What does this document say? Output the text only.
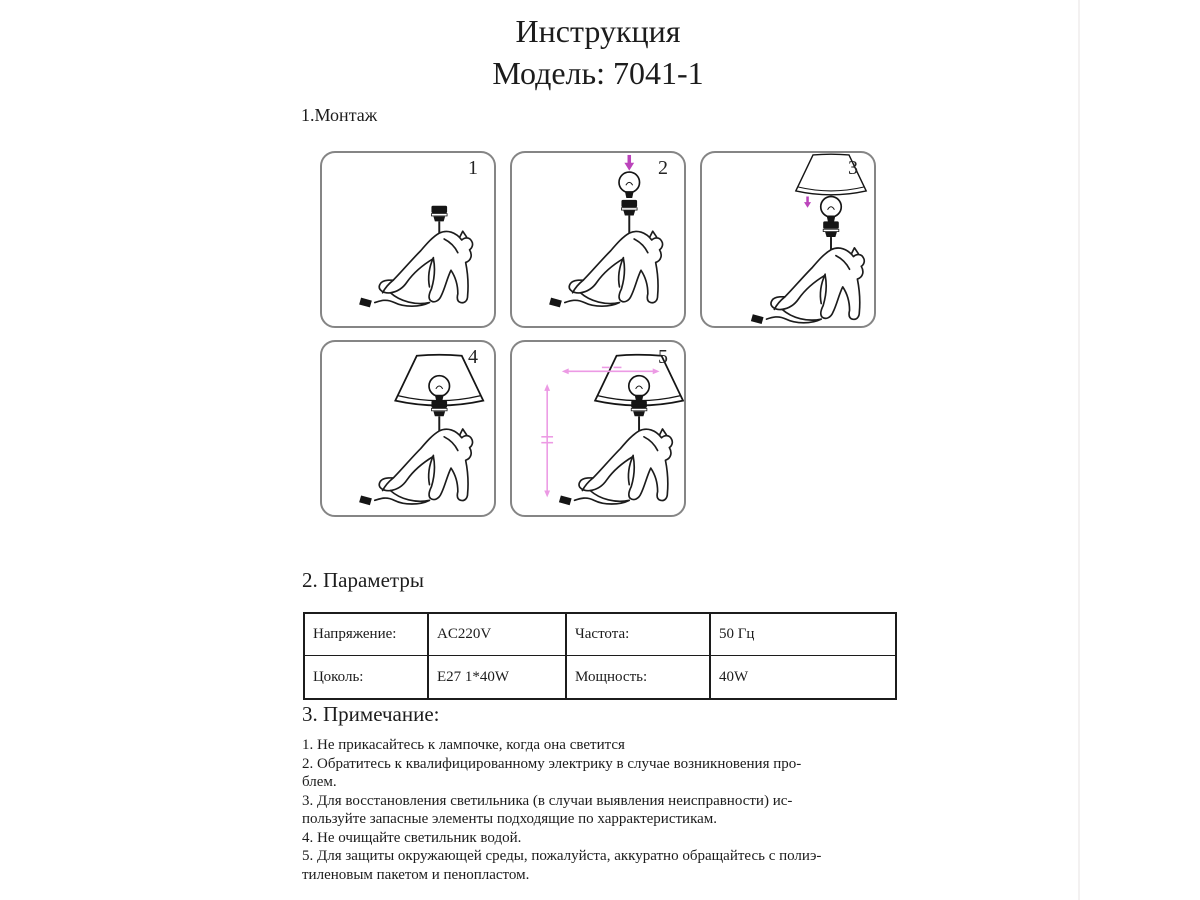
Инструкция
Модель: 7041-1
1.Монтаж
1	2	3
4	5
2. Параметры
Напряжение:	AC220V	Частота:	50 Гц
Цоколь:	E27 1*40W	Мощность:	40W
3. Примечание:
1. Не прикасайтесь к лампочке, когда она светится
2. Обратитесь к квалифицированному электрику в случае возникновения про-
блем.
3. Для восстановления светильника (в случаи выявления неисправности) ис-
пользуйте запасные элементы подходящие по харрактеристикам.
4. Не очищайте светильник водой.
5. Для защиты окружающей среды, пожалуйста, аккуратно обращайтесь с полиэ-
тиленовым пакетом и пенопластом.
